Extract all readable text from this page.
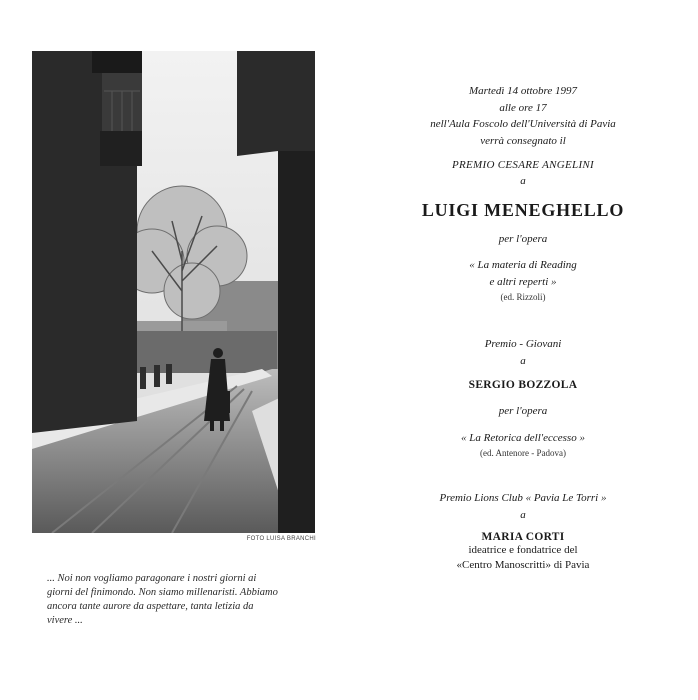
FOTO LUISA BRANCHI
... Noi non vogliamo paragonare i nostri giorni ai
giorni del finimondo. Non siamo millenaristi. Abbiamo
ancora tante aurore da aspettare, tanta letizia da
vivere ...
Martedì 14 ottobre 1997
alle ore 17
nell'Aula Foscolo dell'Università di Pavia
verrà consegnato il
PREMIO CESARE ANGELINI
a
LUIGI MENEGHELLO
per l'opera
« La materia di Reading
e altri reperti »
(ed. Rizzoli)
Premio - Giovani
a
SERGIO BOZZOLA
per l'opera
« La Retorica dell'eccesso »
(ed. Antenore - Padova)
Premio Lions Club « Pavia Le Torri »
a
MARIA CORTI
ideatrice e fondatrice del
«Centro Manoscritti» di Pavia
